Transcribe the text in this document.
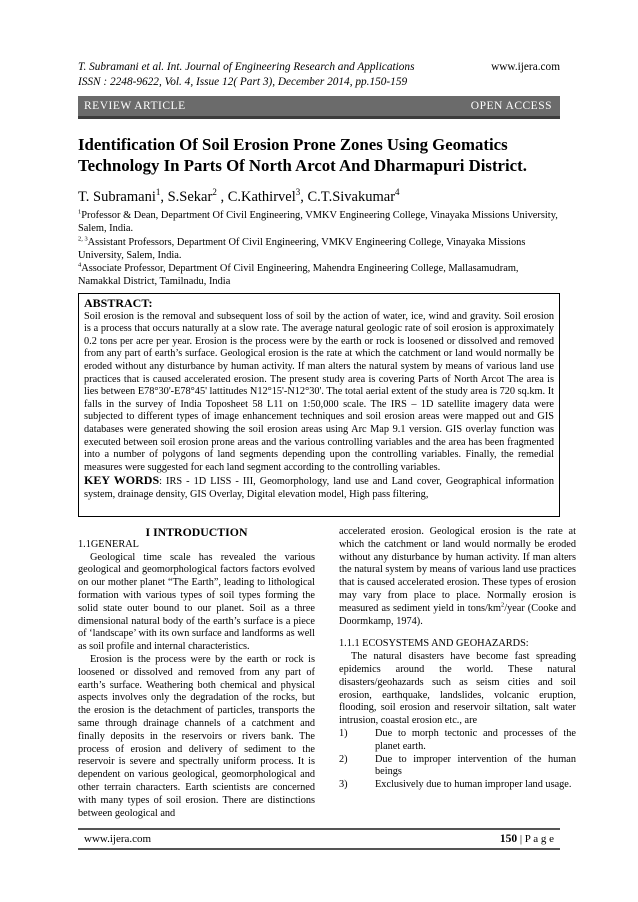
T. Subramani et al. Int. Journal of Engineering Research and Applications
ISSN : 2248-9622, Vol. 4, Issue 12( Part 3), December 2014, pp.150-159
www.ijera.com
REVIEW ARTICLE	OPEN ACCESS
Identification Of Soil Erosion Prone Zones Using Geomatics Technology In Parts Of North Arcot And Dharmapuri District.
T. Subramani$^1$, S.Sekar$^2$ , C.Kathirvel$^3$, C.T.Sivakumar$^4$

$^1$Professor & Dean, Department Of Civil Engineering, VMKV Engineering College, Vinayaka Missions University, Salem, India.

$^{2, 3}$Assistant Professors, Department Of Civil Engineering, VMKV Engineering College, Vinayaka Missions University, Salem, India.

$^4$Associate Professor, Department Of Civil Engineering, Mahendra Engineering College, Mallasamudram, Namakkal District, Tamilnadu, India

ABSTRACT:

Soil erosion is the removal and subsequent loss of soil by the action of water, ice, wind and gravity. Soil erosion is a process that occurs naturally at a slow rate. The average natural geologic rate of soil erosion is approximately 0.2 tons per acre per year. Erosion is the process were by the earth or rock is loosened or dissolved and removed from any part of earth’s surface. Geological erosion is the rate at which the catchment or land would normally be eroded without any disturbance by human activity. If man alters the natural system by means of various land use practices that is caused accelerated erosion. The present study area is covering Parts of North Arcot The area is lies between E78°30'-E78°45' lattitudes N12°15'-N12°30'. The total aerial extent of the study area is 720 sq.km. It falls in the survey of India Toposheet 58 L11 on 1:50,000 scale. The IRS – 1D satellite imagery data were subjected to different types of image enhancement techniques and soil erosion areas were mapped out and GIS databases were generated showing the soil erosion areas using Arc Map 9.1 version. GIS overlay function was executed between soil erosion prone areas and the various controlling variables and the area has been fragmented into a number of polygons of land segments depending upon the controlling variables. Finally, the remedial measures were suggested for each land segment according to the controlling variables.

KEY WORDS: IRS - 1D LISS - III, Geomorphology, land use and Land cover, Geographical information system, drainage density, GIS Overlay, Digital elevation model, High pass filtering,

I INTRODUCTION

1.1GENERAL

Geological time scale has revealed the various geological and geomorphological factors factors evolved on our mother planet “The Earth”, leading to lithological formation with various types of soil types forming the solid state outer bound to our planet. Soil as a three dimensional natural body of the earth’s surface is a piece of ‘landscape’ with its own surface and landforms as well as soil profile and internal characteristics.

Erosion is the process were by the earth or rock is loosened or dissolved and removed from any part of earth’s surface. Weathering both chemical and physical aspects involves only the degradation of the rocks, but the erosion is the detachment of particles, transports the same through drainage channels of a catchment and finally deposits in the reservoirs or rivers bank. The process of erosion and delivery of sediment to the reservoir is severe and spectrally uniform process. It is dependent on various geological, geomorphological and other terrain characters. Earth scientists are concerned with many types of soil erosion. There are distinctions between geological and

accelerated erosion. Geological erosion is the rate at which the catchment or land would normally be eroded without any disturbance by human activity. If man alters the natural system by means of various land use practices that is caused accelerated erosion. These types of erosion may vary from place to place. Normally erosion is measured as sediment yield in tons/$km^2$/year (Cooke and Doormkamp, 1974).

1.1.1 ECOSYSTEMS AND GEOHAZARDS:

The natural disasters have become fast spreading epidemics around the world. These natural disasters/geohazards such as seism cities and soil erosion, earthquake, landslides, volcanic eruption, flooding, soil erosion and reservoir siltation, salt water intrusion, coastal erosion etc., are

1)	Due to morph tectonic and processes of the planet earth.
2)	Due to improper intervention of the human beings
3)	Exclusively due to human improper land usage.
www.ijera.com	150 | P a g e
